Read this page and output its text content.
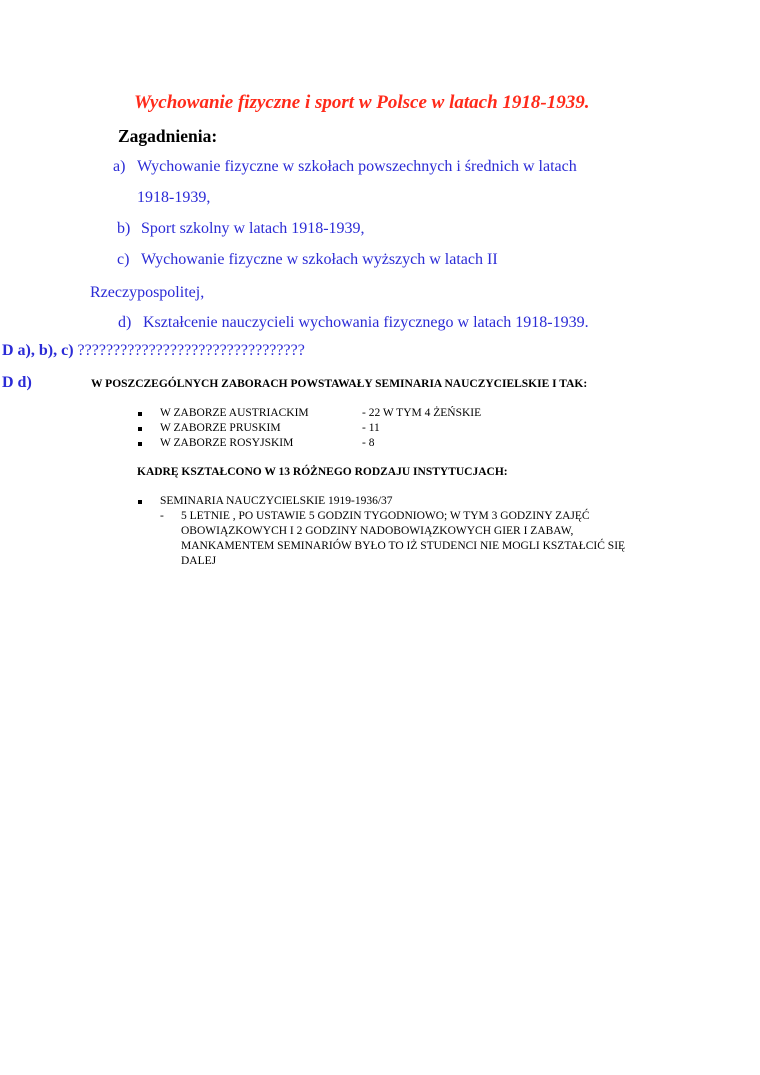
Wychowanie fizyczne i sport w Polsce w latach 1918-1939.
Zagadnienia:
a) Wychowanie fizyczne w szkołach powszechnych i średnich w latach
1918-1939,
b) Sport szkolny w latach 1918-1939,
c) Wychowanie fizyczne w szkołach wyższych w latach II
Rzeczypospolitej,
d) Kształcenie nauczycieli wychowania fizycznego w latach 1918-1939.
D a), b), c) ????????????????????????????????
D d)	W POSZCZEGÓLNYCH ZABORACH POWSTAWAŁY SEMINARIA NAUCZYCIELSKIE I TAK:
W ZABORZE AUSTRIACKIM	- 22 W TYM 4 ŻEŃSKIE
W ZABORZE PRUSKIM	- 11
W ZABORZE ROSYJSKIM	- 8
KADRĘ KSZTAŁCONO W 13 RÓŻNEGO RODZAJU INSTYTUCJACH:
SEMINARIA NAUCZYCIELSKIE 1919-1936/37
- 5 LETNIE , PO USTAWIE 5 GODZIN TYGODNIOWO; W TYM 3 GODZINY ZAJĘĆ
OBOWIĄZKOWYCH I 2 GODZINY NADOBOWIĄZKOWYCH GIER I ZABAW,
MANKAMENTEM SEMINARIÓW BYŁO TO IŻ STUDENCI NIE MOGLI KSZTAŁCIĆ SIĘ
DALEJ
